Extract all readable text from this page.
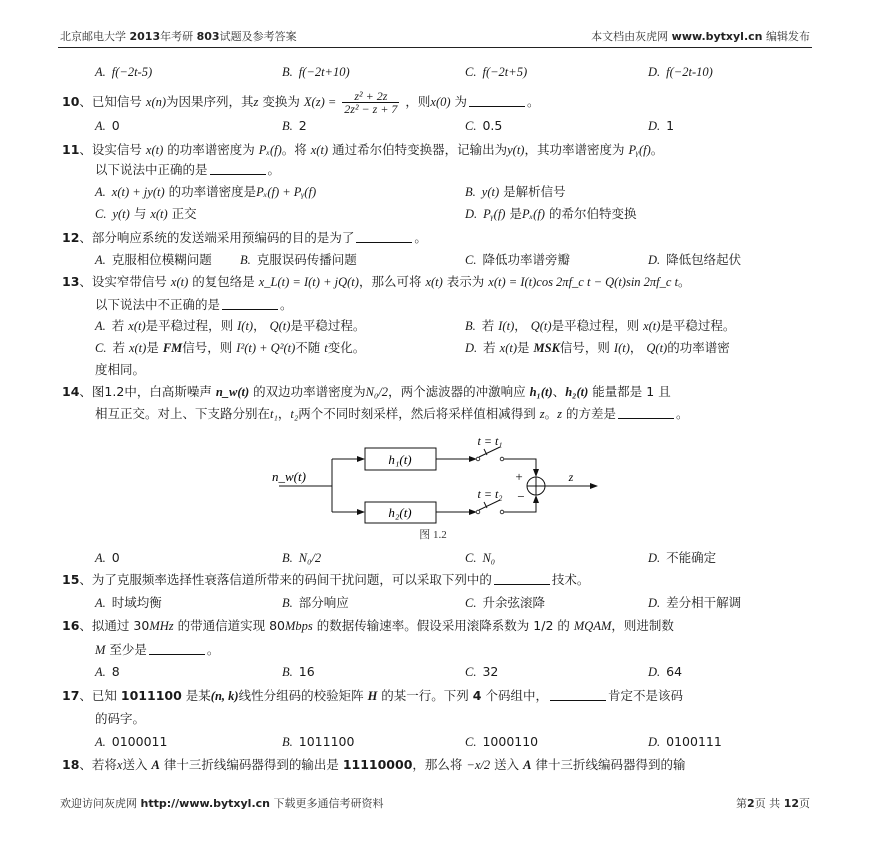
北京邮电大学 2013年考研 803试题及参考答案	本文档由灰虎网 www.bytxyl.cn 编辑发布
A. f(−2t-5)	B. f(−2t+10)	C. f(−2t+5)	D. f(−2t-10)
10、已知信号 x(n)为因果序列，其z 变换为 $X(z) = \frac{\text{z² + 2z}}{\text{2z² − z + 7}}$ ，则x(0) 为	。
A. 0	B. 2	C. 0.5	D. 1
11、设实信号 x(t) 的功率谱密度为 Pₓ(f)。将 x(t) 通过希尔伯特变换器，记输出为y(t)，其功率谱密度为 Pᵧ(f)。
以下说法中正确的是	。
A. x(t) + jy(t) 的功率谱密度是Pₓ(f) + Pᵧ(f)	B. y(t) 是解析信号
C. y(t) 与 x(t) 正交	D. Pᵧ(f) 是Pₓ(f) 的希尔伯特变换
12、部分响应系统的发送端采用预编码的目的是为了	。
A. 克服相位模糊问题 B. 克服误码传播问题	C. 降低功率谱旁瓣	D. 降低包络起伏
13、设实窄带信号 x(t) 的复包络是 x_L(t) = I(t) + jQ(t)，那么可将 x(t) 表示为 x(t) = I(t)cos 2πf_c t − Q(t)sin 2πf_c t。
以下说法中不正确的是	。
A. 若 x(t)是平稳过程，则 I(t)， Q(t)是平稳过程。	B. 若 I(t)， Q(t)是平稳过程，则 x(t)是平稳过程。
C. 若 x(t)是 FM信号，则 I²(t) + Q²(t)不随 t变化。	D. 若 x(t)是 MSK信号，则 I(t)， Q(t)的功率谱密
度相同。
14、图1.2中，白高斯噪声 n_w(t) 的双边功率谱密度为N₀/2，两个滤波器的冲激响应 h₁(t)、h₂(t) 能量都是 1 且
相互正交。对上、下支路分别在t₁，t₂两个不同时刻采样，然后将采样值相减得到 z。z 的方差是	。
n_w(t)
h₁(t)
h₂(t)
t = t₁
t = t₂
+
−
z
图 1.2
A. 0	B. N₀/2	C. N₀	D. 不能确定
15、为了克服频率选择性衰落信道所带来的码间干扰问题，可以采取下列中的	技术。
A. 时域均衡	B. 部分响应	C. 升余弦滚降	D. 差分相干解调
16、拟通过 30MHz 的带通信道实现 80Mbps 的数据传输速率。假设采用滚降系数为 1/2 的 MQAM，则进制数
M 至少是	。
A. 8	B. 16	C. 32	D. 64
17、已知 1011100 是某(n, k)线性分组码的校验矩阵 H 的某一行。下列 4 个码组中，	肯定不是该码
的码字。
A. 0100011	B. 1011100	C. 1000110	D. 0100111
18、若将x送入 A 律十三折线编码器得到的输出是 11110000，那么将 −x/2 送入 A 律十三折线编码器得到的输
欢迎访问灰虎网 http://www.bytxyl.cn 下载更多通信考研资料	第2页 共 12页
